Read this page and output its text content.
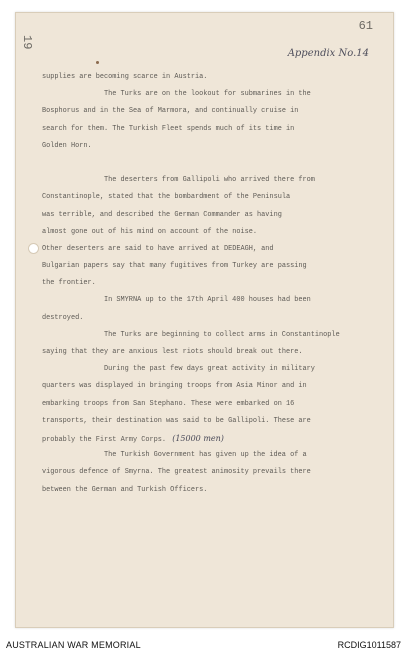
61
19
Appendix No.14
supplies are becoming scarce in Austria.
The Turks are on the lookout for submarines in the
Bosphorus and in the Sea of Marmora, and continually cruise in
search for them. The Turkish Fleet spends much of its time in
Golden Horn.
The deserters from Gallipoli who arrived there from
Constantinople, stated that the bombardment of the Peninsula
was terrible, and described the German Commander as having
almost gone out of his mind on account of the noise.
Other deserters are said to have arrived at DEDEAGH, and
Bulgarian papers say that many fugitives from Turkey are passing
the frontier.
In SMYRNA up to the 17th April 400 houses had been
destroyed.
The Turks are beginning to collect arms in Constantinople
saying that they are anxious lest riots should break out there.
During the past few days great activity in military
quarters was displayed in bringing troops from Asia Minor and in
embarking troops from San Stephano. These were embarked on 16
transports, their destination was said to be Gallipoli. These are
probably the First Army Corps. (15000 men)
The Turkish Government has given up the idea of a
vigorous defence of Smyrna. The greatest animosity prevails there
between the German and Turkish Officers.
AUSTRALIAN WAR MEMORIAL	RCDIG1011587
